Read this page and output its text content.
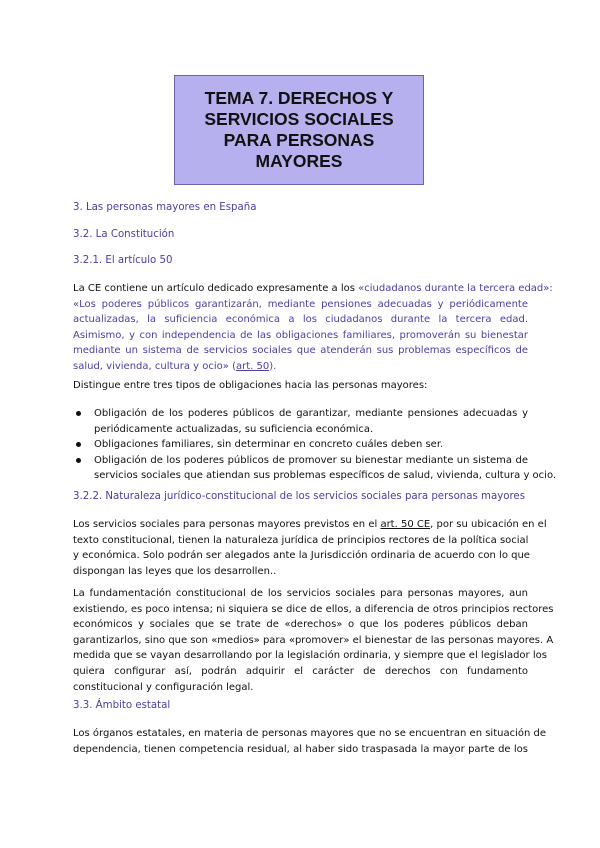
TEMA 7. DERECHOS Y
SERVICIOS SOCIALES
PARA PERSONAS
MAYORES
3. Las personas mayores en España
3.2. La Constitución
3.2.1. El artículo 50
La CE contiene un artículo dedicado expresamente a los «ciudadanos durante la tercera edad»:
«Los poderes públicos garantizarán, mediante pensiones adecuadas y periódicamente
actualizadas, la suficiencia económica a los ciudadanos durante la tercera edad.
Asimismo, y con independencia de las obligaciones familiares, promoverán su bienestar
mediante un sistema de servicios sociales que atenderán sus problemas específicos de
salud, vivienda, cultura y ocio» (art. 50).
Distingue entre tres tipos de obligaciones hacia las personas mayores:
Obligación de los poderes públicos de garantizar, mediante pensiones adecuadas y
periódicamente actualizadas, su suficiencia económica.
Obligaciones familiares, sin determinar en concreto cuáles deben ser.
Obligación de los poderes públicos de promover su bienestar mediante un sistema de
servicios sociales que atiendan sus problemas específicos de salud, vivienda, cultura y ocio.
3.2.2. Naturaleza jurídico-constitucional de los servicios sociales para personas mayores
Los servicios sociales para personas mayores previstos en el art. 50 CE, por su ubicación en el
texto constitucional, tienen la naturaleza jurídica de principios rectores de la política social
y económica. Solo podrán ser alegados ante la Jurisdicción ordinaria de acuerdo con lo que
dispongan las leyes que los desarrollen..
La fundamentación constitucional de los servicios sociales para personas mayores, aun
existiendo, es poco intensa; ni siquiera se dice de ellos, a diferencia de otros principios rectores
económicos y sociales que se trate de «derechos» o que los poderes públicos deban
garantizarlos, sino que son «medios» para «promover» el bienestar de las personas mayores. A
medida que se vayan desarrollando por la legislación ordinaria, y siempre que el legislador los
quiera configurar así, podrán adquirir el carácter de derechos con fundamento
constitucional y configuración legal.
3.3. Ámbito estatal
Los órganos estatales, en materia de personas mayores que no se encuentran en situación de
dependencia, tienen competencia residual, al haber sido traspasada la mayor parte de los
